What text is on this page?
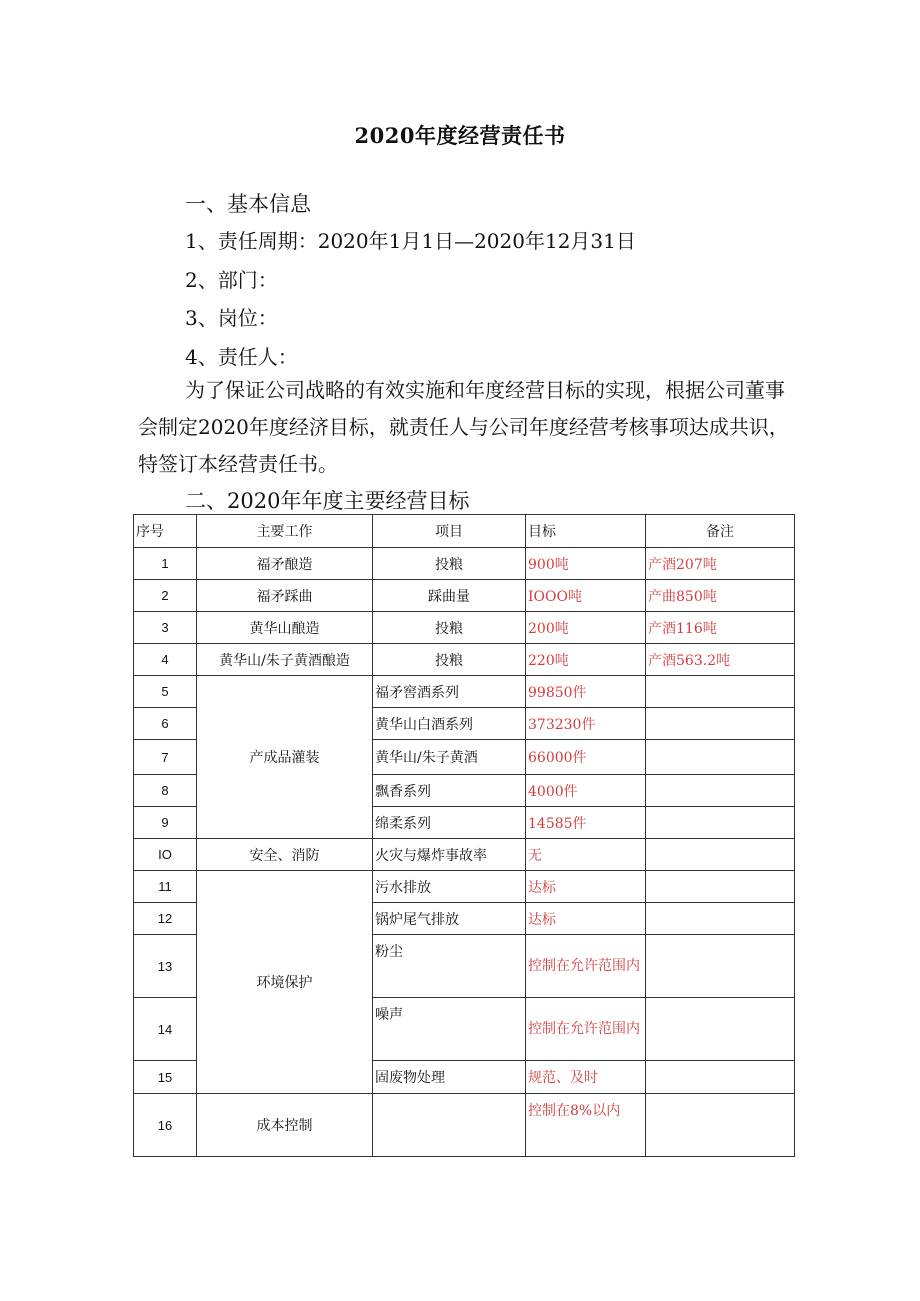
2020年度经营责任书
一、基本信息
1、责任周期：2020年1月1日—2020年12月31日
2、部门：
3、岗位：
4、责任人：
为了保证公司战略的有效实施和年度经营目标的实现，根据公司董事会制定2020年度经济目标，就责任人与公司年度经营考核事项达成共识，特签订本经营责任书。
二、2020年年度主要经营目标
序号	主要工作	项目	目标	备注
1	福矛酿造	投粮	900吨	产酒207吨
2	福矛踩曲	踩曲量	IOOO吨	产曲850吨
3	黄华山酿造	投粮	200吨	产酒116吨
4	黄华山/朱子黄酒酿造	投粮	220吨	产酒563.2吨
5	产成品灌装	福矛窖酒系列	99850件	
6		黄华山白酒系列	373230件	
7		黄华山/朱子黄酒	66000件	
8		飘香系列	4000件	
9		绵柔系列	14585件	
IO	安全、消防	火灾与爆炸事故率	无	
11	环境保护	污水排放	达标	
12		锅炉尾气排放	达标	
13		粉尘	控制在允许范围内	
14		噪声	控制在允许范围内	
15		固废物处理	规范、及时	
16	成本控制		控制在8%以内	
